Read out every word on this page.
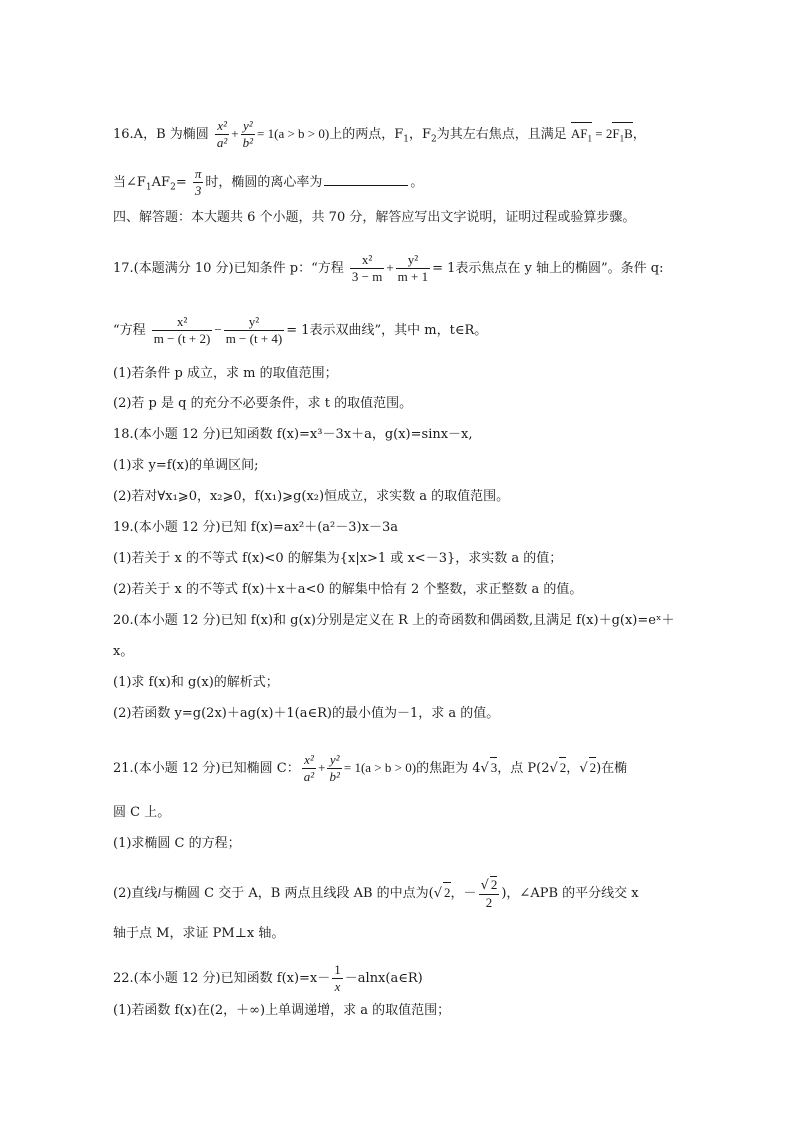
16.A，B 为椭圆 $\frac{\text{x²}}{\text{a²}} + \frac{\text{y²}}{\text{b²}} = 1(a > b > 0)$上的两点，$F_1$，$F_2$为其左右焦点，且满足 $AF_1 = 2F_1B$，
当$\angle F_1AF_2= \frac{\pi}{3}$ 时，椭圆的离心率为	。
四、解答题：本大题共 6 个小题，共 70 分，解答应写出文字说明，证明过程或验算步骤。
17.(本题满分 10 分)已知条件 p：“方程 $\frac{\text{x²}}{3 - m} + \frac{\text{y²}}{m + 1} = 1$表示焦点在 y 轴上的椭圆”。条件 q:
“方程 $\frac{\text{x²}}{m - (t + 2)} - \frac{\text{y²}}{m - (t + 4)} = 1$表示双曲线”，其中 m，t∈R。
(1)若条件 p 成立，求 m 的取值范围；
(2)若 p 是 q 的充分不必要条件，求 t 的取值范围。
18.(本小题 12 分)已知函数 f(x)=x³－3x＋a，g(x)=sinx－x,
(1)求 y=f(x)的单调区间;
(2)若对∀x₁⩾0，x₂⩾0，f(x₁)⩾g(x₂)恒成立，求实数 a 的取值范围。
19.(本小题 12 分)已知 f(x)=ax²＋(a²－3)x－3a
(1)若关于 x 的不等式 f(x)<0 的解集为{x|x>1 或 x<－3}，求实数 a 的值；
(2)若关于 x 的不等式 f(x)＋x＋a<0 的解集中恰有 2 个整数，求正整数 a 的值。
20.(本小题 12 分)已知 f(x)和 g(x)分别是定义在 R 上的奇函数和偶函数,且满足 f(x)＋g(x)=eˣ＋
x。
(1)求 f(x)和 g(x)的解析式；
(2)若函数 y=g(2x)＋ag(x)＋1(a∈R)的最小值为－1，求 a 的值。
21.(本小题 12 分)已知椭圆 C： $\frac{\text{x²}}{\text{a²}} + \frac{\text{y²}}{\text{b²}} = 1(a > b > 0)$的焦距为 4√ 3，点 P(2√ 2，√ 2)在椭
圆 C 上。
(1)求椭圆 C 的方程；
(2)直线l与椭圆 C 交于 A，B 两点且线段 AB 的中点为(√ 2，－ $\frac{√ 2}{2}$ )，∠APB 的平分线交 x
轴于点 M，求证 PM⊥x 轴。
22.(本小题 12 分)已知函数 $f(x)=x- \frac{1}{x}$ －alnx(a∈R)
(1)若函数 f(x)在(2，＋∞)上单调递增，求 a 的取值范围；
